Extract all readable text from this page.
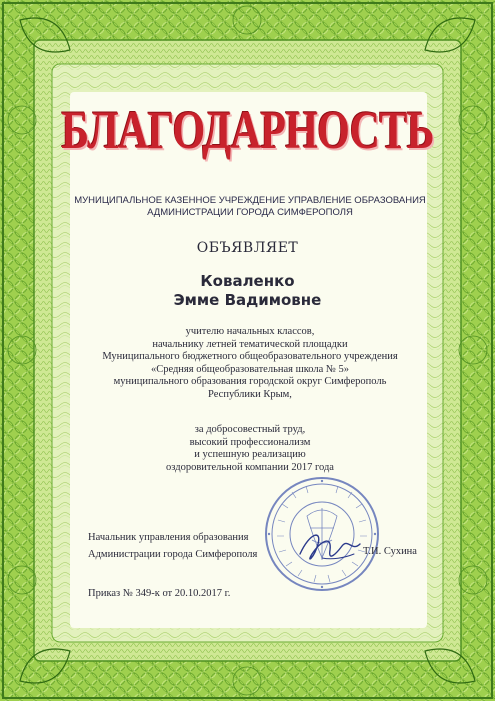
БЛАГОДАРНОСТЬ
МУНИЦИПАЛЬНОЕ КАЗЕННОЕ УЧРЕЖДЕНИЕ УПРАВЛЕНИЕ ОБРАЗОВАНИЯ
АДМИНИСТРАЦИИ ГОРОДА СИМФЕРОПОЛЯ
ОБЪЯВЛЯЕТ
Коваленко
Эмме Вадимовне
учителю начальных классов,
начальнику летней тематической площадки
Муниципального бюджетного общеобразовательного учреждения
«Средняя общеобразовательная школа № 5»
муниципального образования городской округ Симферополь
Республики Крым,
за добросовестный труд,
высокий профессионализм
и успешную реализацию
оздоровительной компании 2017 года
Начальник управления образования
Администрации города Симферополя	Т.И. Сухина
Приказ № 349-к от 20.10.2017 г.
